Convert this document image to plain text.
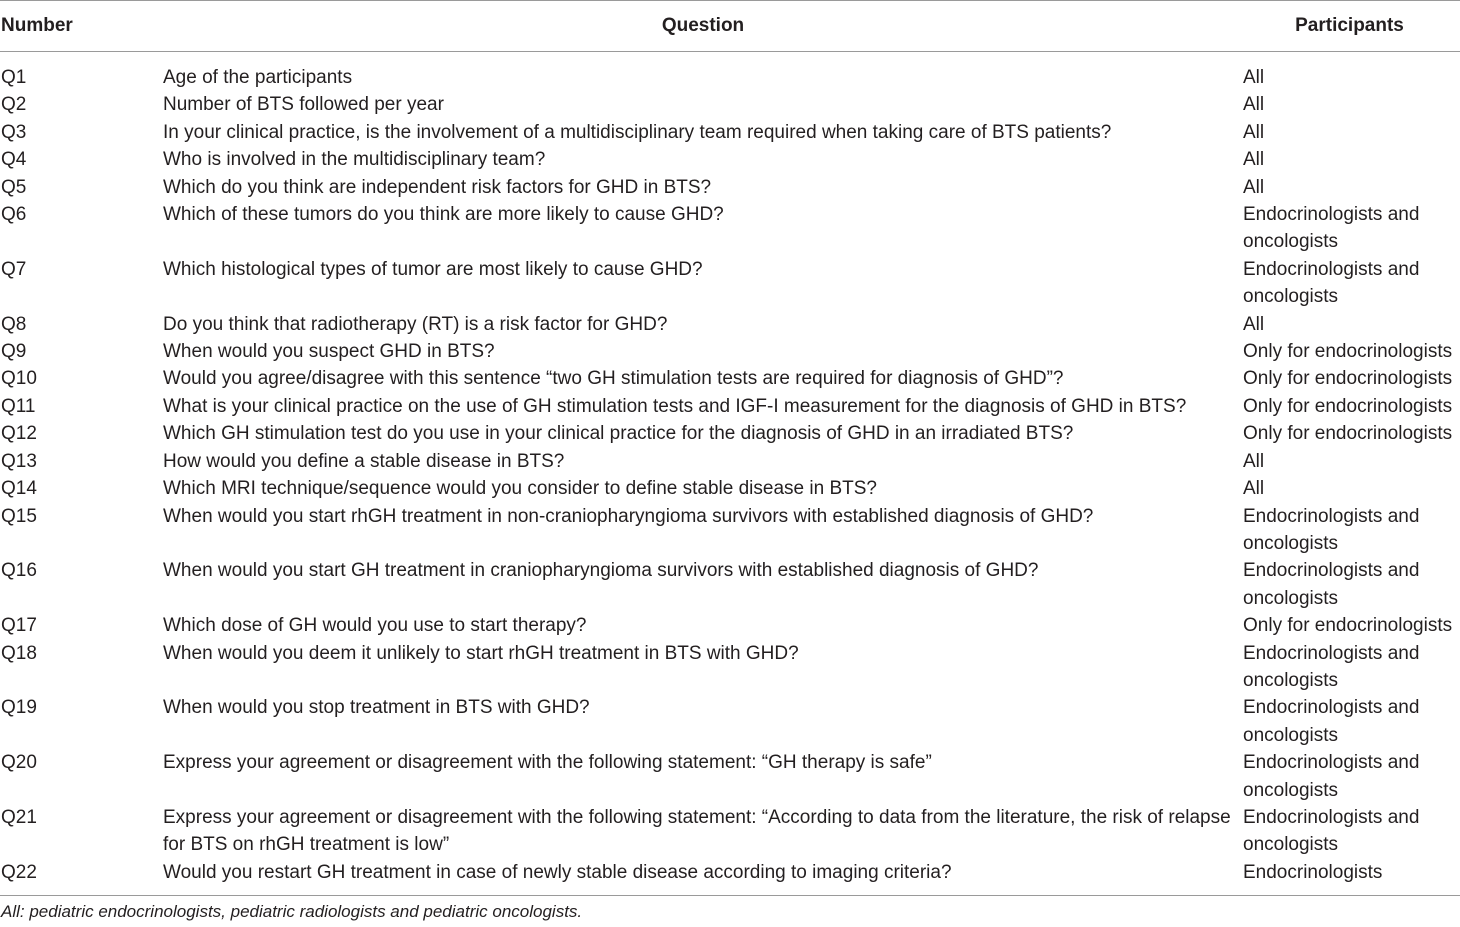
Number	Question	Participants
Q1	Age of the participants	All
Q2	Number of BTS followed per year	All
Q3	In your clinical practice, is the involvement of a multidisciplinary team required when taking care of BTS patients?	All
Q4	Who is involved in the multidisciplinary team?	All
Q5	Which do you think are independent risk factors for GHD in BTS?	All
Q6	Which of these tumors do you think are more likely to cause GHD?	Endocrinologists and
oncologists
Q7	Which histological types of tumor are most likely to cause GHD?	Endocrinologists and
oncologists
Q8	Do you think that radiotherapy (RT) is a risk factor for GHD?	All
Q9	When would you suspect GHD in BTS?	Only for endocrinologists
Q10	Would you agree/disagree with this sentence “two GH stimulation tests are required for diagnosis of GHD”?	Only for endocrinologists
Q11	What is your clinical practice on the use of GH stimulation tests and IGF-I measurement for the diagnosis of GHD in BTS?	Only for endocrinologists
Q12	Which GH stimulation test do you use in your clinical practice for the diagnosis of GHD in an irradiated BTS?	Only for endocrinologists
Q13	How would you define a stable disease in BTS?	All
Q14	Which MRI technique/sequence would you consider to define stable disease in BTS?	All
Q15	When would you start rhGH treatment in non-craniopharyngioma survivors with established diagnosis of GHD?	Endocrinologists and
oncologists
Q16	When would you start GH treatment in craniopharyngioma survivors with established diagnosis of GHD?	Endocrinologists and
oncologists
Q17	Which dose of GH would you use to start therapy?	Only for endocrinologists
Q18	When would you deem it unlikely to start rhGH treatment in BTS with GHD?	Endocrinologists and
oncologists
Q19	When would you stop treatment in BTS with GHD?	Endocrinologists and
oncologists
Q20	Express your agreement or disagreement with the following statement: “GH therapy is safe”	Endocrinologists and
oncologists
Q21	Express your agreement or disagreement with the following statement: “According to data from the literature, the risk of relapse for BTS on rhGH treatment is low”	Endocrinologists and
oncologists
Q22	Would you restart GH treatment in case of newly stable disease according to imaging criteria?	Endocrinologists
All: pediatric endocrinologists, pediatric radiologists and pediatric oncologists.
